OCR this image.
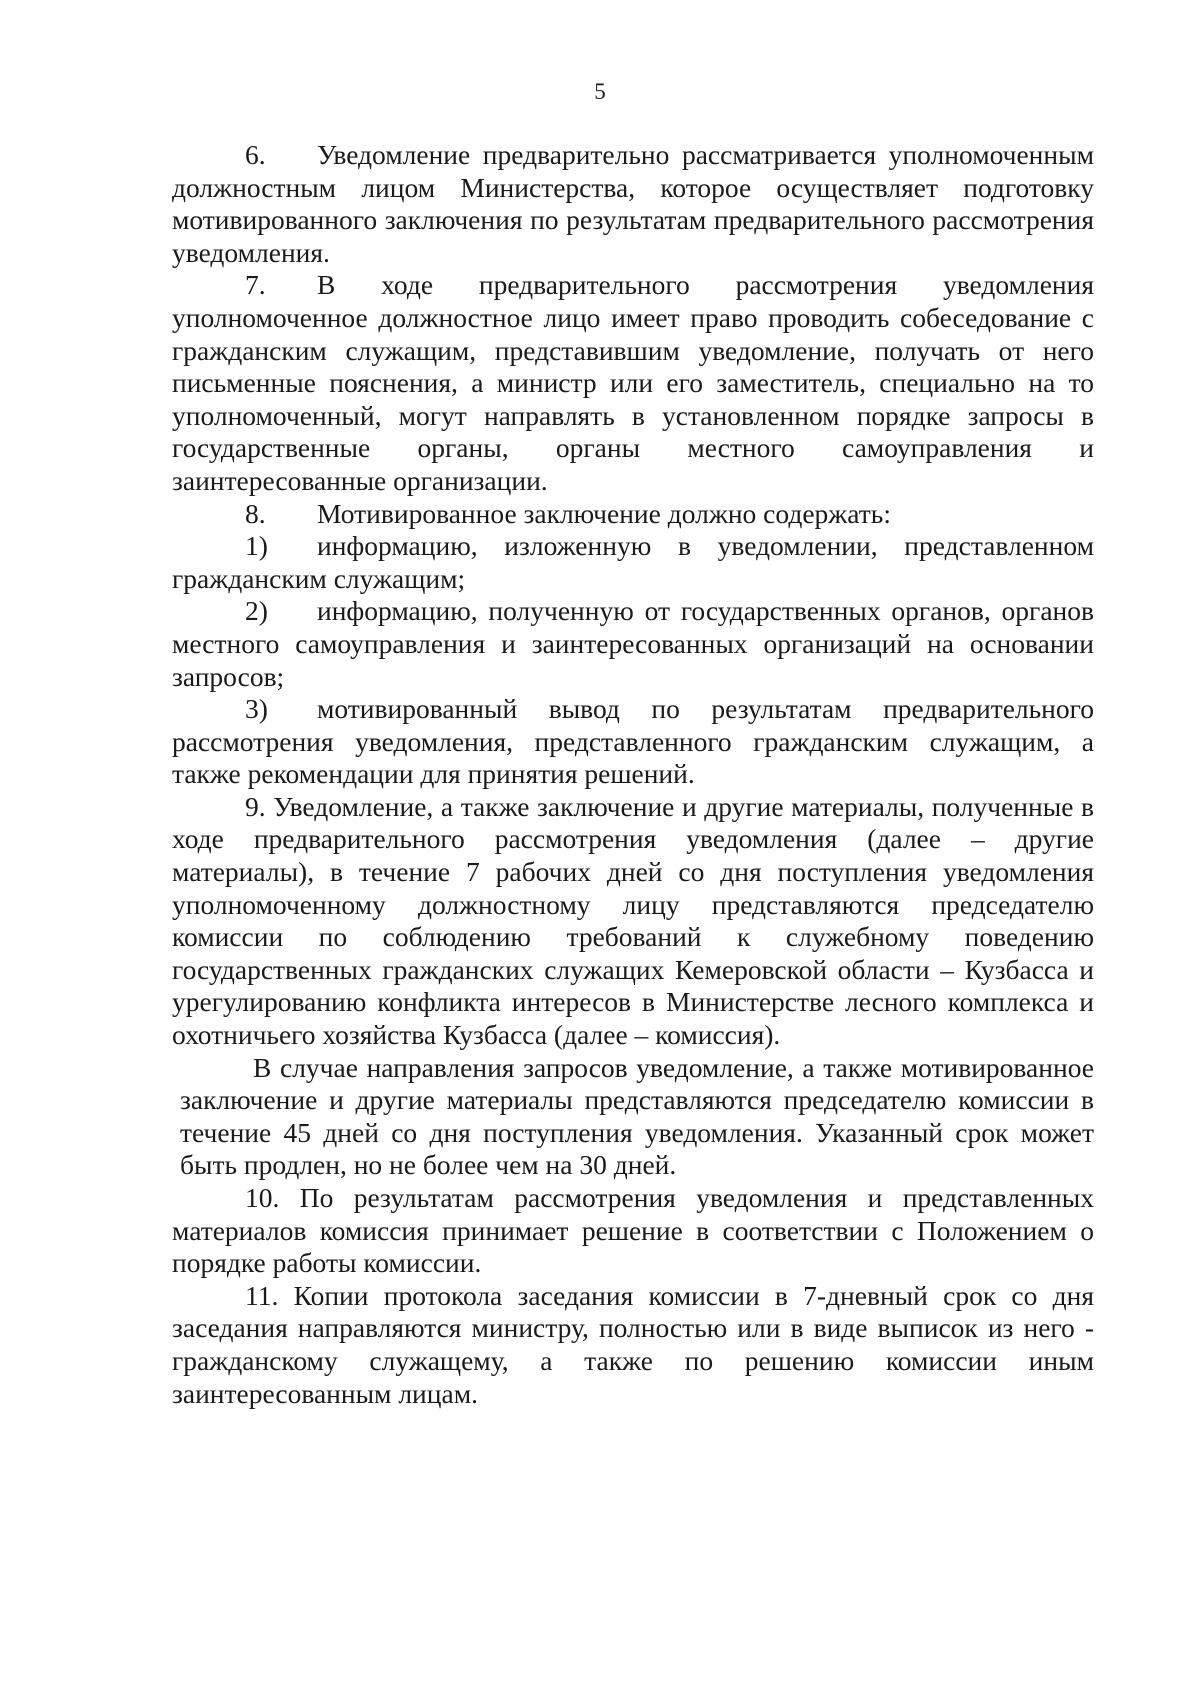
5

6. Уведомление предварительно рассматривается уполномоченным должностным лицом Министерства, которое осуществляет подготовку мотивированного заключения по результатам предварительного рассмотрения уведомления.

7. В ходе предварительного рассмотрения уведомления уполномоченное должностное лицо имеет право проводить собеседование с гражданским служащим, представившим уведомление, получать от него письменные пояснения, а министр или его заместитель, специально на то уполномоченный, могут направлять в установленном порядке запросы в государственные органы, органы местного самоуправления и заинтересованные организации.

8. Мотивированное заключение должно содержать:

1) информацию, изложенную в уведомлении, представленном гражданским служащим;

2) информацию, полученную от государственных органов, органов местного самоуправления и заинтересованных организаций на основании запросов;

3) мотивированный вывод по результатам предварительного рассмотрения уведомления, представленного гражданским служащим, а также рекомендации для принятия решений.

9. Уведомление, а также заключение и другие материалы, полученные в ходе предварительного рассмотрения уведомления (далее – другие материалы), в течение 7 рабочих дней со дня поступления уведомления уполномоченному должностному лицу представляются председателю комиссии по соблюдению требований к служебному поведению государственных гражданских служащих Кемеровской области – Кузбасса и урегулированию конфликта интересов в Министерстве лесного комплекса и охотничьего хозяйства Кузбасса (далее – комиссия).

В случае направления запросов уведомление, а также мотивированное заключение и другие материалы представляются председателю комиссии в течение 45 дней со дня поступления уведомления. Указанный срок может быть продлен, но не более чем на 30 дней.

10. По результатам рассмотрения уведомления и представленных материалов комиссия принимает решение в соответствии с Положением о порядке работы комиссии.

11. Копии протокола заседания комиссии в 7-дневный срок со дня заседания направляются министру, полностью или в виде выписок из него - гражданскому служащему, а также по решению комиссии иным заинтересованным лицам.
